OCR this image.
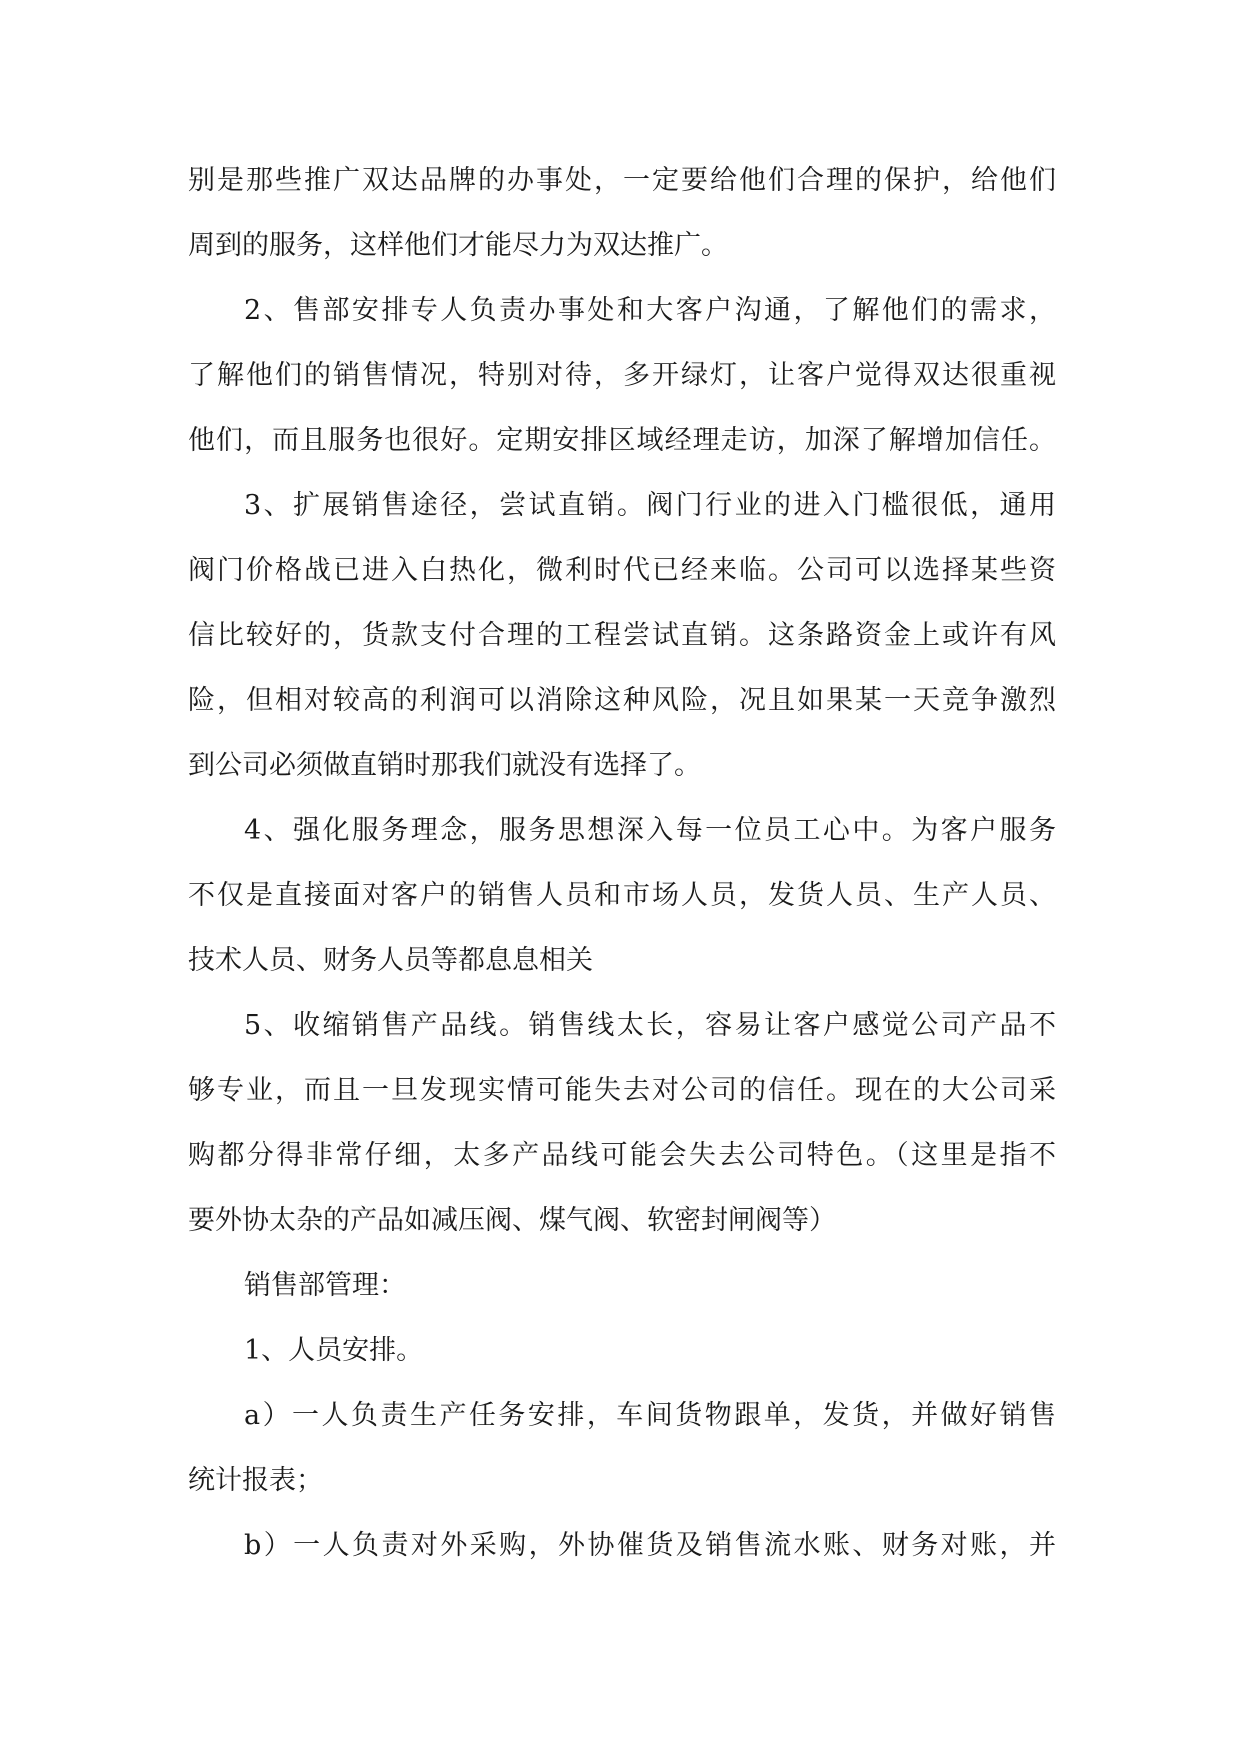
别是那些推广双达品牌的办事处，一定要给他们合理的保护，给他们
周到的服务，这样他们才能尽力为双达推广。
2、售部安排专人负责办事处和大客户沟通，了解他们的需求，
了解他们的销售情况，特别对待，多开绿灯，让客户觉得双达很重视
他们，而且服务也很好。定期安排区域经理走访，加深了解增加信任。
3、扩展销售途径，尝试直销。阀门行业的进入门槛很低，通用
阀门价格战已进入白热化，微利时代已经来临。公司可以选择某些资
信比较好的，货款支付合理的工程尝试直销。这条路资金上或许有风
险，但相对较高的利润可以消除这种风险，况且如果某一天竞争激烈
到公司必须做直销时那我们就没有选择了。
4、强化服务理念，服务思想深入每一位员工心中。为客户服务
不仅是直接面对客户的销售人员和市场人员，发货人员、生产人员、
技术人员、财务人员等都息息相关
5、收缩销售产品线。销售线太长，容易让客户感觉公司产品不
够专业，而且一旦发现实情可能失去对公司的信任。现在的大公司采
购都分得非常仔细，太多产品线可能会失去公司特色。（这里是指不
要外协太杂的产品如减压阀、煤气阀、软密封闸阀等）
销售部管理：
1、人员安排。
a）一人负责生产任务安排，车间货物跟单，发货，并做好销售
统计报表；
b）一人负责对外采购，外协催货及销售流水账、财务对账，并
